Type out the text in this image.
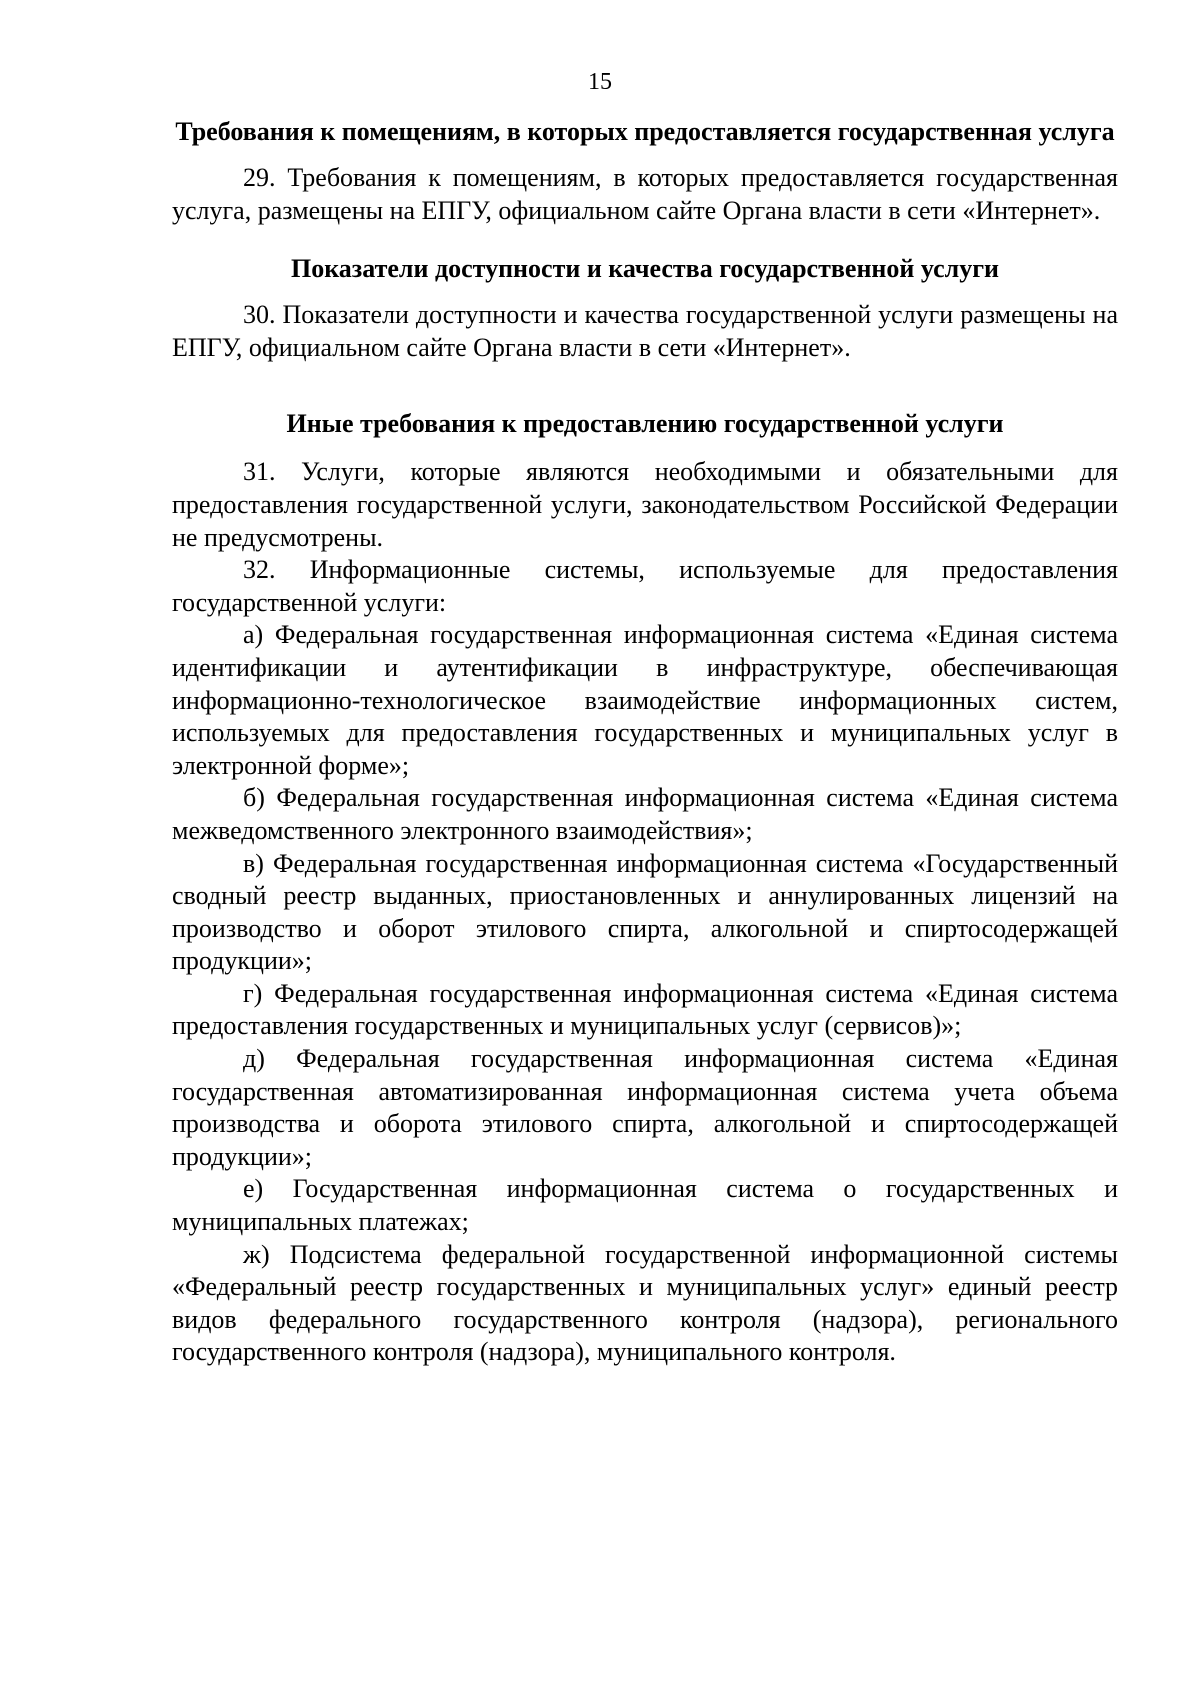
15
Требования к помещениям, в которых предоставляется государственная услуга

29. Требования к помещениям, в которых предоставляется государственная услуга, размещены на ЕПГУ, официальном сайте Органа власти в сети «Интернет».

Показатели доступности и качества государственной услуги

30. Показатели доступности и качества государственной услуги размещены на ЕПГУ, официальном сайте Органа власти в сети «Интернет».

Иные требования к предоставлению государственной услуги

31. Услуги, которые являются необходимыми и обязательными для предоставления государственной услуги, законодательством Российской Федерации не предусмотрены.

32. Информационные системы, используемые для предоставления государственной услуги:

а) Федеральная государственная информационная система «Единая система идентификации и аутентификации в инфраструктуре, обеспечивающая информационно-технологическое взаимодействие информационных систем, используемых для предоставления государственных и муниципальных услуг в электронной форме»;

б) Федеральная государственная информационная система «Единая система межведомственного электронного взаимодействия»;

в) Федеральная государственная информационная система «Государственный сводный реестр выданных, приостановленных и аннулированных лицензий на производство и оборот этилового спирта, алкогольной и спиртосодержащей продукции»;

г) Федеральная государственная информационная система «Единая система предоставления государственных и муниципальных услуг (сервисов)»;

д) Федеральная государственная информационная система «Единая государственная автоматизированная информационная система учета объема производства и оборота этилового спирта, алкогольной и спиртосодержащей продукции»;

е) Государственная информационная система о государственных и муниципальных платежах;

ж) Подсистема федеральной государственной информационной системы «Федеральный реестр государственных и муниципальных услуг» единый реестр видов федерального государственного контроля (надзора), регионального государственного контроля (надзора), муниципального контроля.
